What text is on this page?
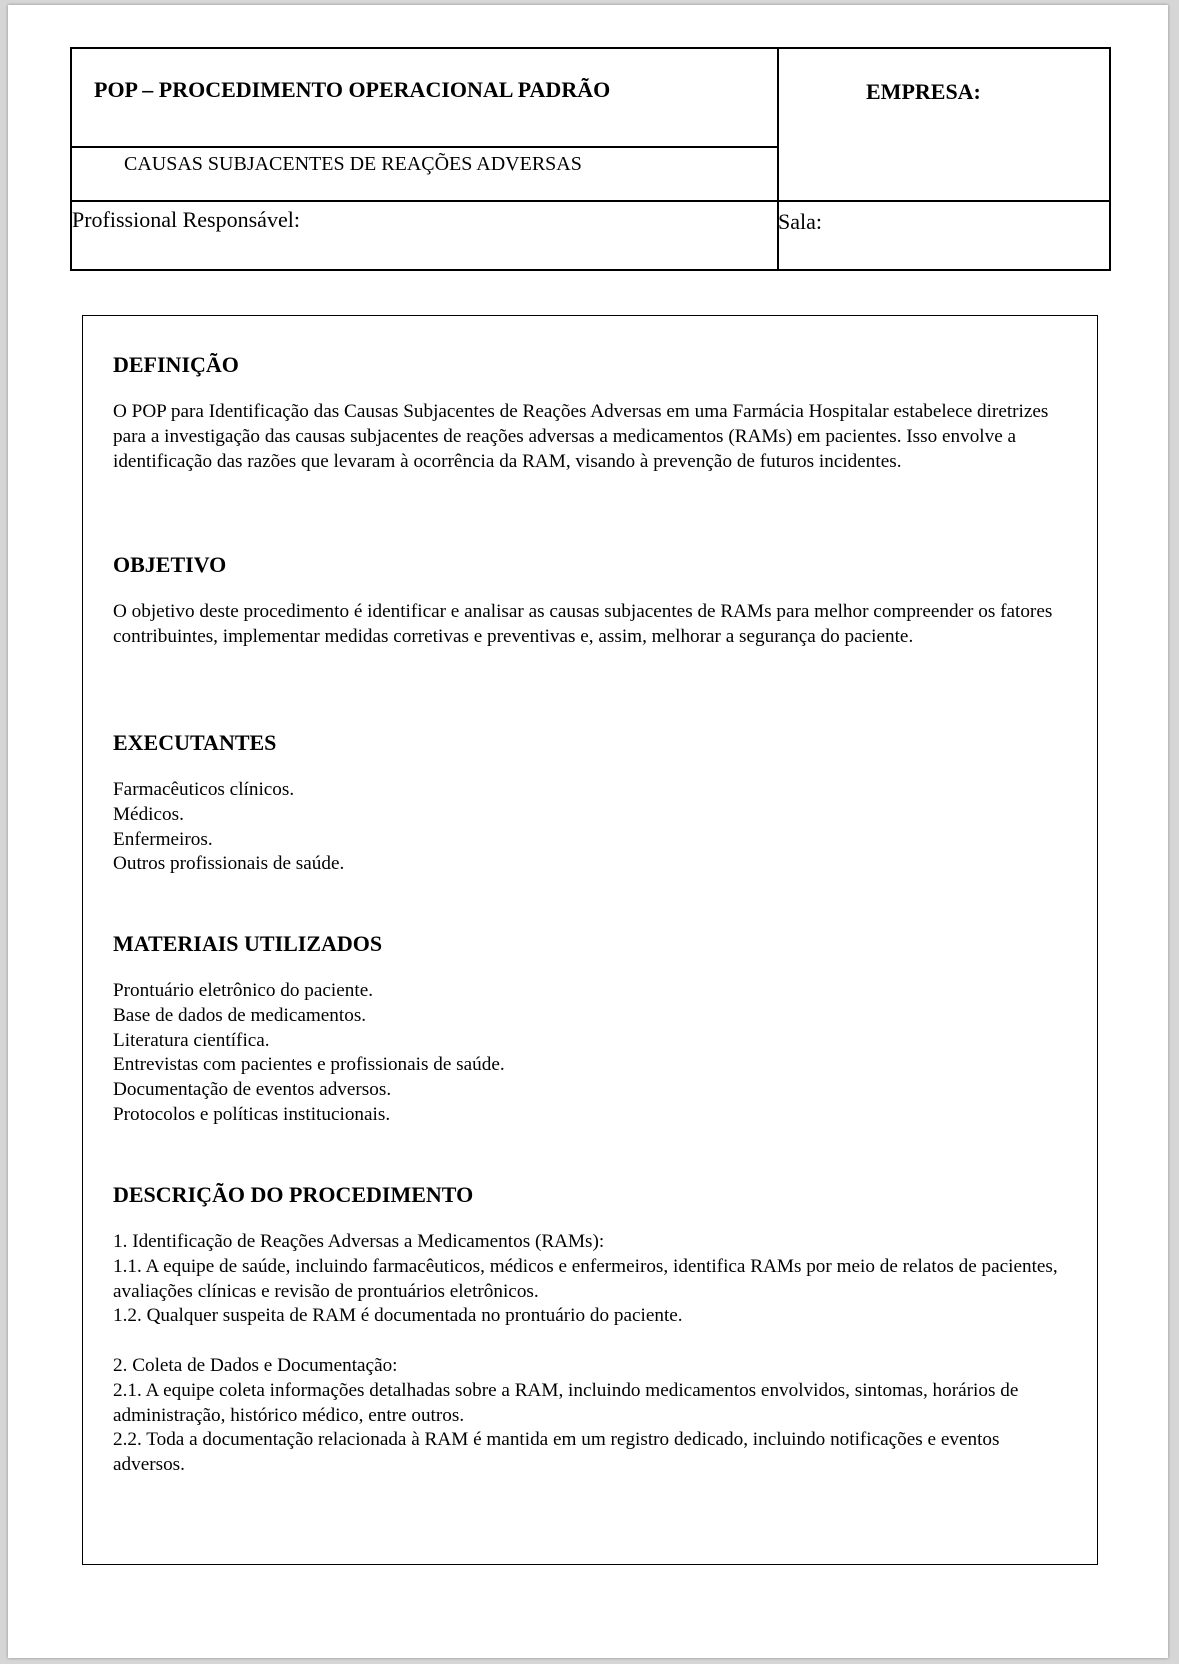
POP – PROCEDIMENTO OPERACIONAL PADRÃO
CAUSAS SUBJACENTES DE REAÇÕES ADVERSAS
EMPRESA:
Profissional Responsável:	Sala:
DEFINIÇÃO

O POP para Identificação das Causas Subjacentes de Reações Adversas em uma Farmácia Hospitalar estabelece diretrizes para a investigação das causas subjacentes de reações adversas a medicamentos (RAMs) em pacientes. Isso envolve a identificação das razões que levaram à ocorrência da RAM, visando à prevenção de futuros incidentes.

OBJETIVO

O objetivo deste procedimento é identificar e analisar as causas subjacentes de RAMs para melhor compreender os fatores contribuintes, implementar medidas corretivas e preventivas e, assim, melhorar a segurança do paciente.

EXECUTANTES
Farmacêuticos clínicos.
Médicos.
Enfermeiros.
Outros profissionais de saúde.
MATERIAIS UTILIZADOS
Prontuário eletrônico do paciente.
Base de dados de medicamentos.
Literatura científica.
Entrevistas com pacientes e profissionais de saúde.
Documentação de eventos adversos.
Protocolos e políticas institucionais.
DESCRIÇÃO DO PROCEDIMENTO
1. Identificação de Reações Adversas a Medicamentos (RAMs):

1.1. A equipe de saúde, incluindo farmacêuticos, médicos e enfermeiros, identifica RAMs por meio de relatos de pacientes, avaliações clínicas e revisão de prontuários eletrônicos.

1.2. Qualquer suspeita de RAM é documentada no prontuário do paciente.
2. Coleta de Dados e Documentação:

2.1. A equipe coleta informações detalhadas sobre a RAM, incluindo medicamentos envolvidos, sintomas, horários de administração, histórico médico, entre outros.

2.2. Toda a documentação relacionada à RAM é mantida em um registro dedicado, incluindo notificações e eventos adversos.
